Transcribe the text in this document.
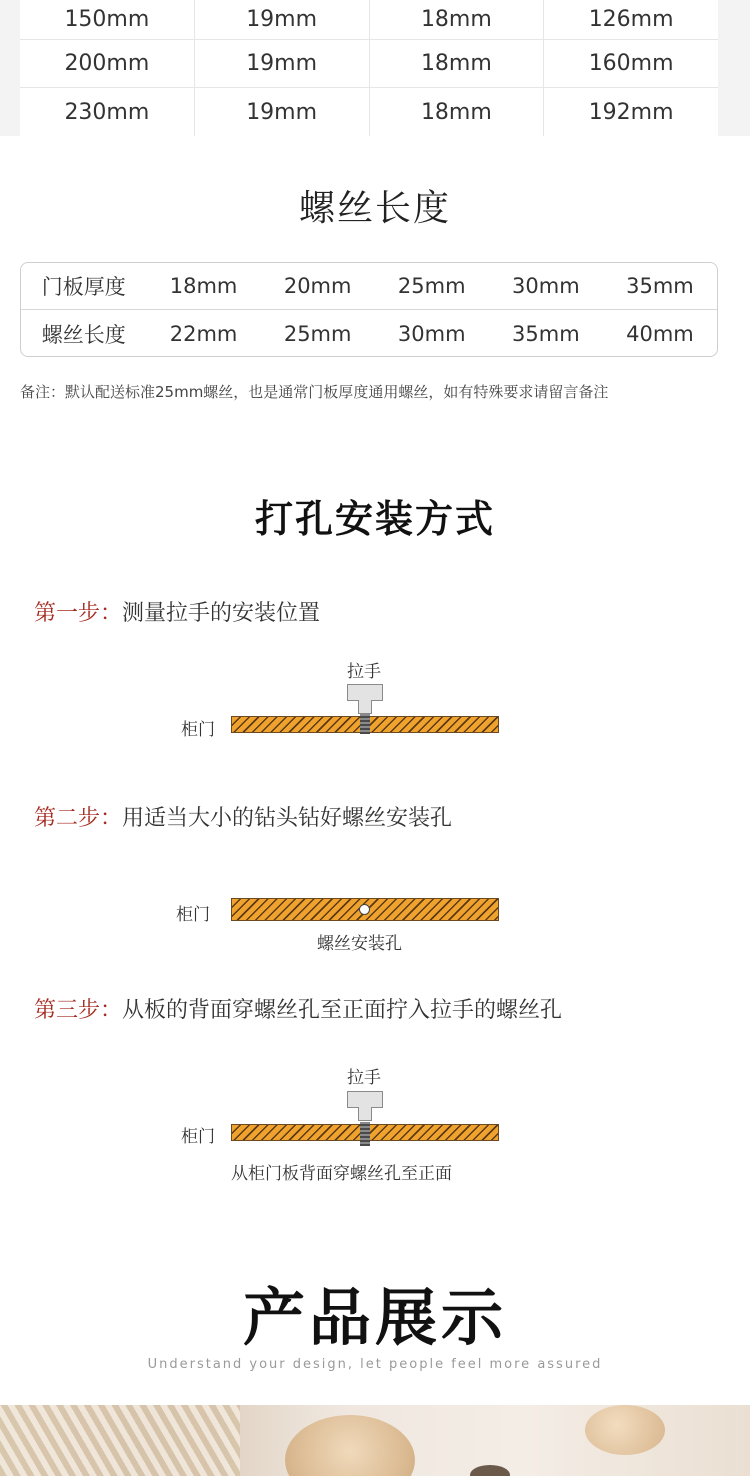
150mm	19mm	18mm	126mm
200mm	19mm	18mm	160mm
230mm	19mm	18mm	192mm
螺丝长度
门板厚度	18mm	20mm	25mm	30mm	35mm
螺丝长度	22mm	25mm	30mm	35mm	40mm
备注：默认配送标准25mm螺丝，也是通常门板厚度通用螺丝，如有特殊要求请留言备注
打孔安装方式
第一步：测量拉手的安装位置
拉手
柜门
第二步：用适当大小的钻头钻好螺丝安装孔
柜门
螺丝安装孔
第三步：从板的背面穿螺丝孔至正面拧入拉手的螺丝孔
拉手
柜门
从柜门板背面穿螺丝孔至正面
产品展示
Understand your design, let people feel more assured
